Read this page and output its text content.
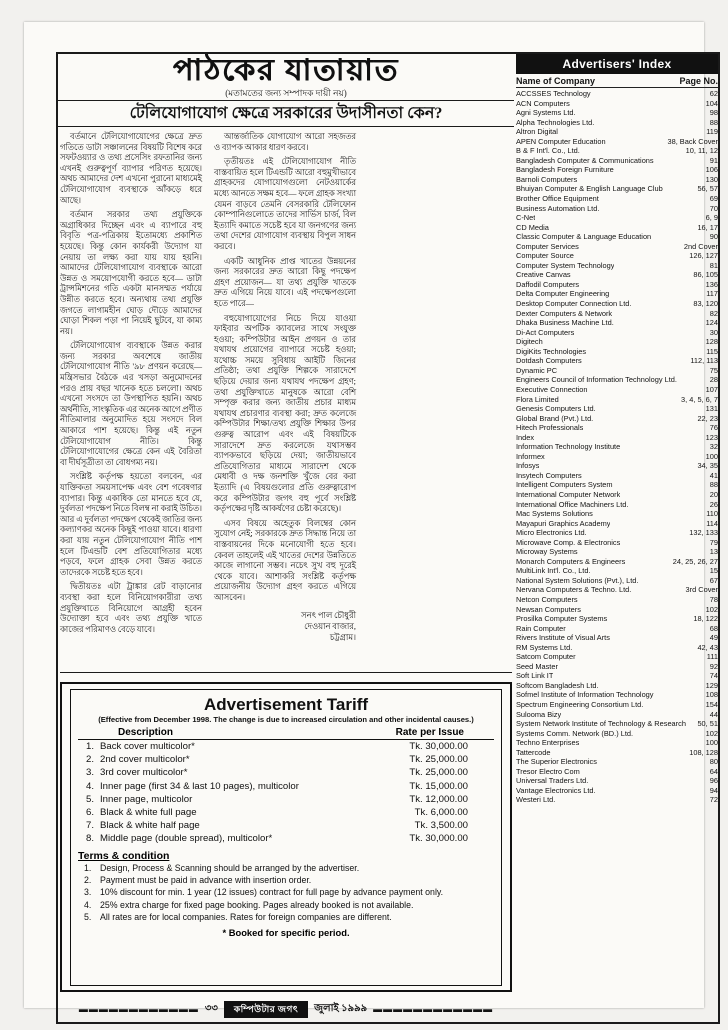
পাঠকের যাতায়াত
(মতামতের জন্য সম্পাদক দায়ী নয়)
Advertisers' Index
টেলিযোগাযোগ ক্ষেত্রে সরকারের উদাসীনতা কেন?

বর্তমানে টেলিযোগাযোগের ক্ষেত্রে দ্রুত গতিতে ডাটা সঞ্চালনের বিষয়টি বিশেষ করে সফটওয়্যার ও তথ্য প্রসেসিং রফতানির জন্য এখনই গুরুত্বপূর্ণ ব্যাপার পরিণত হয়েছে। অথচ আমাদের দেশ এখনো পুরানো মাধ্যমেই টেলিযোগাযোগ ব্যবস্থাকে আঁকড়ে ধরে আছে।

বর্তমান সরকার তথ্য প্রযুক্তিকে অগ্রাধিকার দিচ্ছেন এবং এ ব্যাপারে বহু বিবৃতি পত্র-পত্রিকায় ইতোমধ্যে প্রকাশিত হয়েছে। কিন্তু কোন কার্যকরী উদ্যোগ যা নেয়ায় তা লক্ষ্য করা যায় যায় হয়নি। আমাদের টেলিযোগাযোগ ব্যবস্থাকে আরো উন্নত ও সময়োপযোগী করতে হবে— ডাটা ট্রান্সমিশনের গতি একটা মানসম্মত পর্যায়ে উন্নীত করতে হবে। অন্যথায় তথ্য প্রযুক্তি জগতে লাগামহীন ঘোড় দৌড়ে আমাদের ঘোড়া শিকল পড়া পা নিয়েই ছুটবে, যা কাম্য নয়।

টেলিযোগাযোগ ব্যবস্থাকে উন্নত করার জন্য সরকার অবশেষে জাতীয় টেলিযোগাযোগ নীতি '৯৮ প্রণয়ন করেছে— মন্ত্রিসভার বৈঠকে এর খসড়া অনুমোদনের পরও প্রায় বছর খানেক হতে চললো। অথচ এখনো সংসদে তা উপস্থাপিত হয়নি। অথচ অর্থনীতি, সাংস্কৃতিক এর অনেক আগে প্রণীত নীতিমালার অনুমোদিত হয়ে সংসদে বিল আকারে পাশ হয়েছে। কিন্তু এই নতুন টেলিযোগাযোগ নীতি। কিন্তু টেলিযোগাযোগের ক্ষেত্রে কেন এই বৈরিতা বা দীর্ঘসূত্রীতা তা বোধগম্য নয়।

সংশ্লিষ্ট কর্তৃপক্ষ হয়তো বলবেন, এর যাক্তিকতা সময়সাপেক্ষ এবং বেশ গবেষণার ব্যাপার। কিন্তু একাধিক তো মানতে হবে যে, দুর্বলতা পদক্ষেপ নিতে বিলম্ব না করাই উচিত। আর এ দুর্বলতা পদক্ষেপ থেকেই জাতির জন্য কল্যাণকর অনেক কিছুই পাওয়া যাবে। ধারণা করা যায় নতুন টেলিযোগাযোগ নীতি পাশ হলে টিএন্ডটি বেশ প্রতিযোগিতার মধ্যে পড়বে, ফলে গ্রাহক সেবা উন্নত করতে তাদেরকে সচেষ্ট হতে হবে।

দ্বিতীয়তঃ এটা ট্রাঙ্কার রেট বাড়ানোর ব্যবস্থা করা হলে বিনিয়োগকারীরা তথ্য প্রযুক্তিখাতে বিনিয়োগে আগ্রহী হবেন উদ্যোক্তা হবে এবং তথ্য প্রযুক্তি খাতে কাজের পরিমাণও বেড়ে যাবে।

আন্তর্জাতিক যোগাযোগ আরো সহজতর ও ব্যাপক আকার ধারণ করবে।

তৃতীয়তঃ এই টেলিযোগাযোগ নীতি বাস্তবায়িত হলে টিএন্ডটি আরো বহুমুখীভাবে গ্রাহকদের যোগাযোগগুলো নেটওয়ার্কের মধ্যে আনতে সক্ষম হবে— ফলে গ্রাহক সংখ্যা যেমন বাড়বে তেমনি বেসরকারি টেলিফোন কোম্পানিগুলোতে তাদের সার্ভিস চার্জ, বিল ইত্যাদি কমাতে সচেষ্ট হবে যা জনগণের জন্য তথা দেশের যোগাযোগ ব্যবস্থায় বিপুল সাধন করবে।

একটি আধুনিক প্রাপ্ত খাতের উন্নয়নের জন্য সরকারের দ্রুত আরো কিছু পদক্ষেপ গ্রহণ প্রয়োজন— যা তথ্য প্রযুক্তি খাতকে দ্রুত এগিয়ে নিয়ে যাবে। এই পদক্ষেপগুলো হতে পারে—

বহুযোগাযোগের নিচে দিয়ে যাওয়া ফাইবার অপটিক ক্যাবলের সাথে সংযুক্ত হওয়া; কম্পিউটার আইন প্রণয়ন ও তার যথাযথ প্রয়োগের ব্যাপারে সচেষ্ট হওয়া; যথোচ্চ সময়ে সুবিধায় আইটি জিনের প্রতিষ্ঠা; তথা প্রযুক্তি শিল্পকে সারাদেশে ছড়িয়ে দেয়ার জন্য যথাযথ পদক্ষেপ গ্রহণ; তথা প্রযুক্তিখাতে মানুষকে আরো বেশি সম্পৃক্ত করার জন্য জাতীয় প্রচার মাধ্যম যথাযথ প্রচারণার ব্যবস্থা করা; দ্রুত কলেজে কম্পিউটার শিক্ষা/তথ্য প্রযুক্তি শিক্ষার উপর গুরুত্ব আরোপ এবং এই বিষয়টিকে সারাদেশে দ্রুত করলেজে যথাসম্ভব ব্যাপকভাবে ছড়িয়ে দেয়া; জাতীয়ভাবে প্রতিযোগিতার মাধ্যমে সারাদেশ থেকে মেধাবী ও দক্ষ জনশক্তি খুঁজে বের করা ইত্যাদি (এ বিষয়গুলোর প্রতি গুরুত্বারোপ করে কম্পিউটার জগৎ বহু পূর্বে সংশ্লিষ্ট কর্তৃপক্ষের দৃষ্টি আকর্ষণের চেষ্টা করেছে)।

এসব বিষয়ে অহেতুক বিলম্বের কোন সুযোগ নেই; সরকারকে দ্রুত সিদ্ধান্ত নিয়ে তা বাস্তবায়নের দিকে মনোযোগী হতে হবে। কেবল তাহলেই এই খাতের দেশের উন্নতিতে কাজে লাগানো সম্ভব। নচেৎ সুখ বহু দূরেই থেকে যাবে। আশাকরি সংশ্লিষ্ট কর্তৃপক্ষ প্রয়োজনীয় উদ্যোগ গ্রহণ করতে এগিয়ে আসবেন।

সনৎ পাল চৌধুরী
দেওয়ান বাজার,
চট্টগ্রাম।
Name of Company	Page No.
ACCSSES Technology	62
ACN Computers	104
Agni Systems Ltd.	98
Alpha Technologies Ltd.	88
Altron Digital	119
APEN Computer Education	38, Back Cover
B & F Int'l. Co., Ltd.	10, 11, 12
Bangladesh Computer & Communications	91
Bangladesh Foreign Furniture	106
Barnoli Computers	130
Bhuiyan Computer & English Language Club	56, 57
Brother Office Equipment	69
Business Automation Ltd.	70
C-Net	6, 9
CD Media	16, 17
Classic Computer & Language Education	90
Computer Services	2nd Cover
Computer Source	126, 127
Computer System Technology	81
Creative Canvas	86, 105
Daffodil Computers	136
Delta Computer Engineering	117
Desktop Computer Connection Ltd.	83, 120
Dexter Computers & Network	82
Dhaka Business Machine Ltd.	124
Di-Act Computers	30
Digitech	128
DigiKits Technologies	115
Dotdash Computers	112, 113
Dynamic PC	75
Engineers Council of Information Technology Ltd.	28
Executive Connection	107
Flora Limited	3, 4, 5, 6, 7
Genesis Computers Ltd.	131
Global Brand (Pvt.) Ltd.	22, 23
Hitech Professionals	76
Index	123
Information Technology Institute	32
Informex	100
Infosys	34, 35
Insytech Computers	41
Intelligent Computers System	88
International Computer Network	20
International Office Machiners Ltd.	26
Mac Systems Solutions	110
Mayapuri Graphics Academy	114
Micro Electronics Ltd.	132, 133
Microwave Comp. & Electronics	79
Microway Systems	13
Monarch Computers & Engineers	24, 25, 26, 27
MultiLink Int'l. Co., Ltd.	15
National System Solutions (Pvt.), Ltd.	67
Nervana Computers & Techno. Ltd.	3rd Cover
Netcon Computers	78
Newsan Computers	102
Prosilka Computer Systems	18, 122
Rain Computer	68
Rivers Institute of Visual Arts	49
RM Systems Ltd.	42, 43
Satcom Computer	111
Seed Master	92
Soft Link IT	74
Softcom Bangladesh Ltd.	129
Sofmel Institute of Information Technology	108
Spectrum Engineering Consortium Ltd.	154
Sulooma Bizy	44
System Network Institute of Technology & Research	50, 51
Systems Comm. Network (BD.) Ltd.	102
Techno Enterprises	100
Tattercode	108, 128
The Superior Electronics	80
Tresor Electro Com	64
Universal Traders Ltd.	96
Vantage Electronics Ltd.	94
Westeri Ltd.	72
Advertisement Tariff
(Effective from December 1998. The change is due to increased circulation and other incidental causes.)
Description	Rate per Issue
1. Back cover multicolor*	Tk. 30,000.00
2. 2nd cover multicolor*	Tk. 25,000.00
3. 3rd cover multicolor*	Tk. 25,000.00
4. Inner page (first 34 & last 10 pages), multicolor	Tk. 15,000.00
5. Inner page, multicolor	Tk. 12,000.00
6. Black & white full page	Tk. 6,000.00
7. Black & white half page	Tk. 3,500.00
8. Middle page (double spread), multicolor*	Tk. 30,000.00
Terms & condition
1. Design, Process & Scanning should be arranged by the advertiser.
2. Payment must be paid in advance with insertion order.
3. 10% discount for min. 1 year (12 issues) contract for full page by advance payment only.
4. 25% extra charge for fixed page booking. Pages already booked is not available.
5. All rates are for local companies. Rates for foreign companies are different.
* Booked for specific period.
▬▬▬▬▬▬▬▬▬▬▬▬ ৩৩	কম্পিউটার জগৎ	জুলাই ১৯৯৯ ▬▬▬▬▬▬▬▬▬▬▬▬
